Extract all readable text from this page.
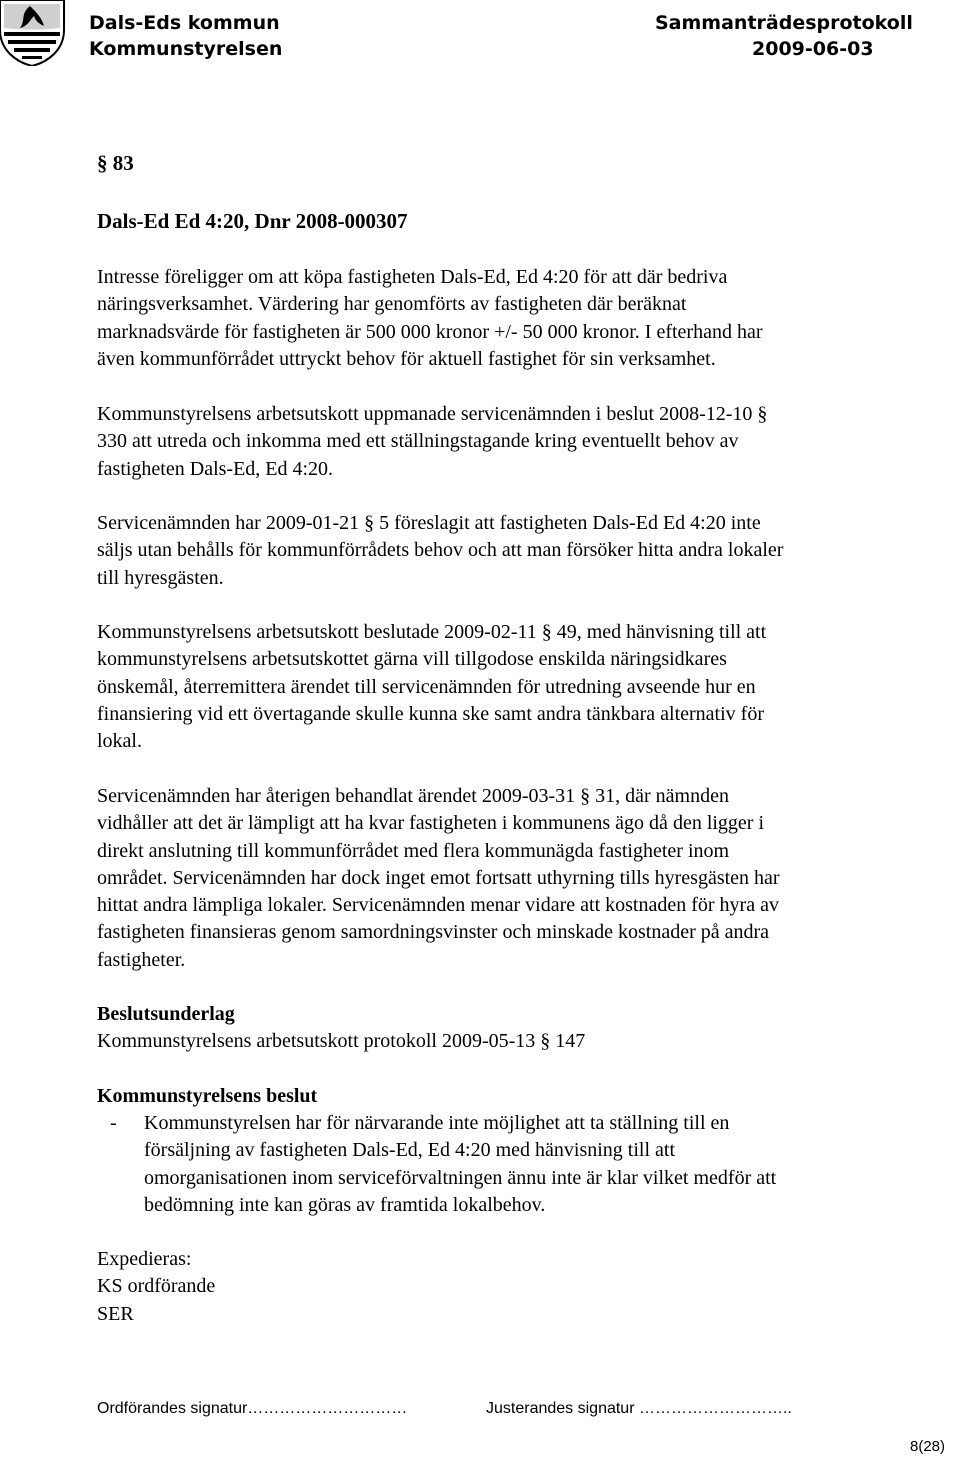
Dals-Eds kommun
Kommunstyrelsen
Sammanträdesprotokoll
2009-06-03
§ 83
Dals-Ed Ed 4:20, Dnr 2008-000307
Intresse föreligger om att köpa fastigheten Dals-Ed, Ed 4:20 för att där bedriva
näringsverksamhet. Värdering har genomförts av fastigheten där beräknat
marknadsvärde för fastigheten är 500 000 kronor +/- 50 000 kronor. I efterhand har
även kommunförrådet uttryckt behov för aktuell fastighet för sin verksamhet.
Kommunstyrelsens arbetsutskott uppmanade servicenämnden i beslut 2008-12-10 §
330 att utreda och inkomma med ett ställningstagande kring eventuellt behov av
fastigheten Dals-Ed, Ed 4:20.
Servicenämnden har 2009-01-21 § 5 föreslagit att fastigheten Dals-Ed Ed 4:20 inte
säljs utan behålls för kommunförrådets behov och att man försöker hitta andra lokaler
till hyresgästen.
Kommunstyrelsens arbetsutskott beslutade 2009-02-11 § 49, med hänvisning till att
kommunstyrelsens arbetsutskottet gärna vill tillgodose enskilda näringsidkares
önskemål, återremittera ärendet till servicenämnden för utredning avseende hur en
finansiering vid ett övertagande skulle kunna ske samt andra tänkbara alternativ för
lokal.
Servicenämnden har återigen behandlat ärendet 2009-03-31 § 31, där nämnden
vidhåller att det är lämpligt att ha kvar fastigheten i kommunens ägo då den ligger i
direkt anslutning till kommunförrådet med flera kommunägda fastigheter inom
området. Servicenämnden har dock inget emot fortsatt uthyrning tills hyresgästen har
hittat andra lämpliga lokaler. Servicenämnden menar vidare att kostnaden för hyra av
fastigheten finansieras genom samordningsvinster och minskade kostnader på andra
fastigheter.
Beslutsunderlag
Kommunstyrelsens arbetsutskott protokoll 2009-05-13 § 147
Kommunstyrelsens beslut
- Kommunstyrelsen har för närvarande inte möjlighet att ta ställning till en
försäljning av fastigheten Dals-Ed, Ed 4:20 med hänvisning till att
omorganisationen inom serviceförvaltningen ännu inte är klar vilket medför att
bedömning inte kan göras av framtida lokalbehov.
Expedieras:
KS ordförande
SER
Ordförandes signatur…………………………	Justerandes signatur ………………………..
8(28)
